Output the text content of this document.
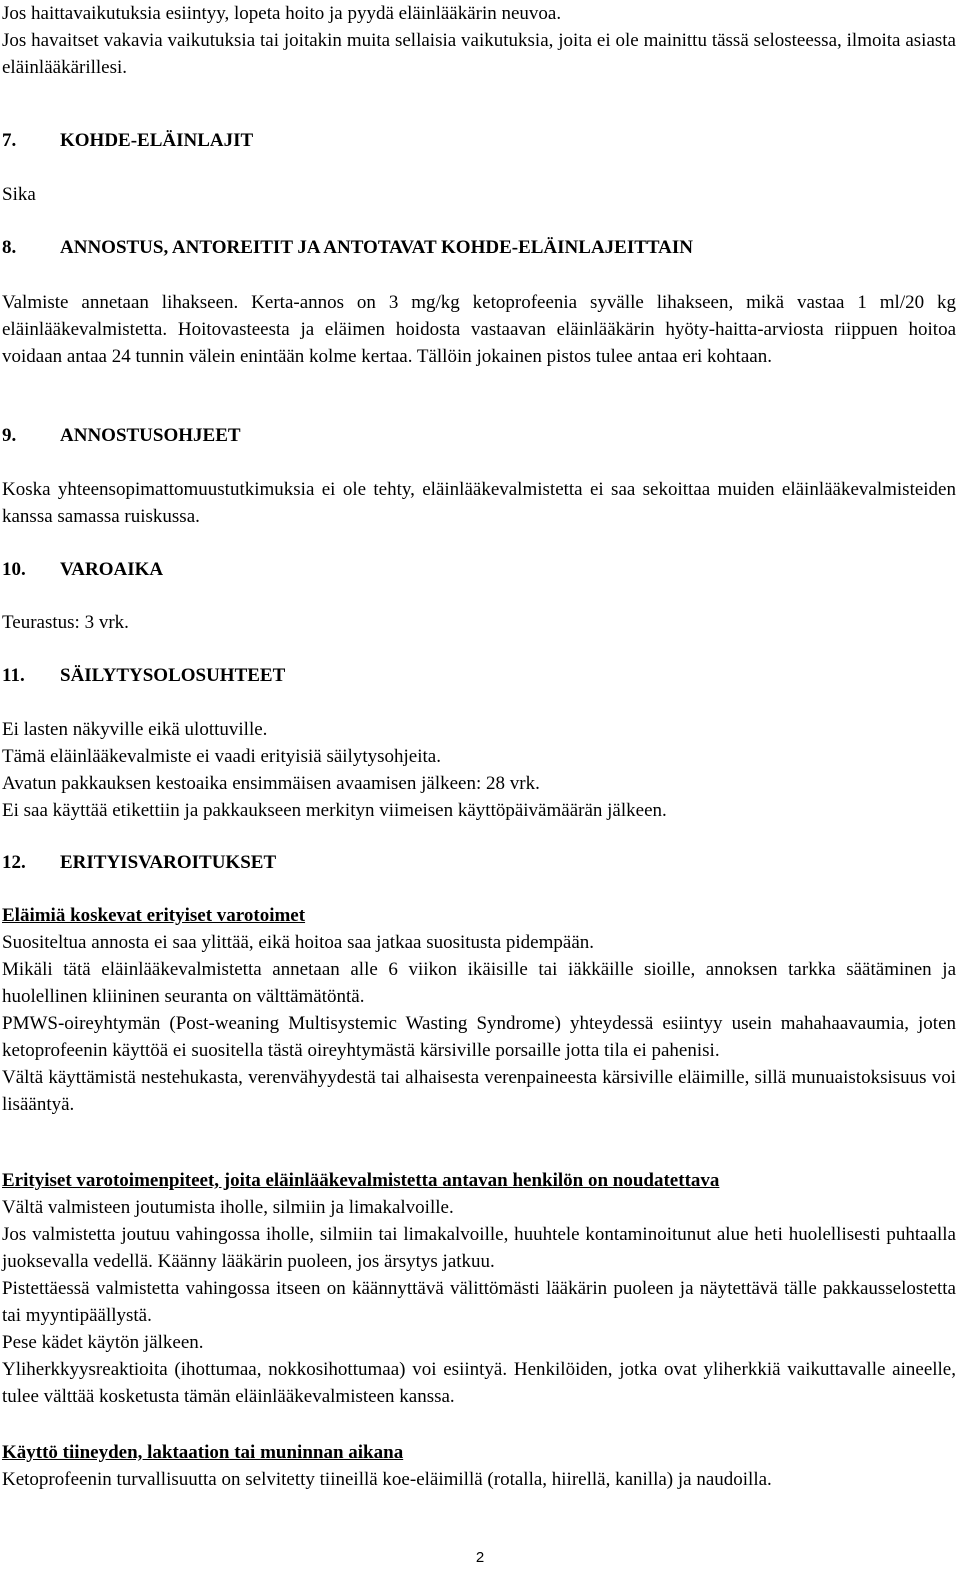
Jos haittavaikutuksia esiintyy, lopeta hoito ja pyydä eläinlääkärin neuvoa.

Jos havaitset vakavia vaikutuksia tai joitakin muita sellaisia vaikutuksia, joita ei ole mainittu tässä selosteessa, ilmoita asiasta eläinlääkärillesi.

7.	KOHDE-ELÄINLAJIT

Sika

8.	ANNOSTUS, ANTOREITIT JA ANTOTAVAT KOHDE-ELÄINLAJEITTAIN

Valmiste annetaan lihakseen. Kerta-annos on 3 mg/kg ketoprofeenia syvälle lihakseen, mikä vastaa 1 ml/20 kg eläinlääkevalmistetta. Hoitovasteesta ja eläimen hoidosta vastaavan eläinlääkärin hyöty-haitta-arviosta riippuen hoitoa voidaan antaa 24 tunnin välein enintään kolme kertaa. Tällöin jokainen pistos tulee antaa eri kohtaan.

9.	ANNOSTUSOHJEET

Koska yhteensopimattomuustutkimuksia ei ole tehty, eläinlääkevalmistetta ei saa sekoittaa muiden eläinlääkevalmisteiden kanssa samassa ruiskussa.

10.	VAROAIKA

Teurastus: 3 vrk.

11.	SÄILYTYSOLOSUHTEET

Ei lasten näkyville eikä ulottuville.

Tämä eläinlääkevalmiste ei vaadi erityisiä säilytysohjeita.

Avatun pakkauksen kestoaika ensimmäisen avaamisen jälkeen: 28 vrk.

Ei saa käyttää etikettiin ja pakkaukseen merkityn viimeisen käyttöpäivämäärän jälkeen.

12.	ERITYISVAROITUKSET

Eläimiä koskevat erityiset varotoimet

Suositeltua annosta ei saa ylittää, eikä hoitoa saa jatkaa suositusta pidempään.

Mikäli tätä eläinlääkevalmistetta annetaan alle 6 viikon ikäisille tai iäkkäille sioille, annoksen tarkka säätäminen ja huolellinen kliininen seuranta on välttämätöntä.

PMWS-oireyhtymän (Post-weaning Multisystemic Wasting Syndrome) yhteydessä esiintyy usein mahahaavaumia, joten ketoprofeenin käyttöä ei suositella tästä oireyhtymästä kärsiville porsaille jotta tila ei pahenisi.

Vältä käyttämistä nestehukasta, verenvähyydestä tai alhaisesta verenpaineesta kärsiville eläimille, sillä munuaistoksisuus voi lisääntyä.

Erityiset varotoimenpiteet, joita eläinlääkevalmistetta antavan henkilön on noudatettava

Vältä valmisteen joutumista iholle, silmiin ja limakalvoille.

Jos valmistetta joutuu vahingossa iholle, silmiin tai limakalvoille, huuhtele kontaminoitunut alue heti huolellisesti puhtaalla juoksevalla vedellä. Käänny lääkärin puoleen, jos ärsytys jatkuu.

Pistettäessä valmistetta vahingossa itseen on käännyttävä välittömästi lääkärin puoleen ja näytettävä tälle pakkausselostetta tai myyntipäällystä.

Pese kädet käytön jälkeen.

Yliherkkyysreaktioita (ihottumaa, nokkosihottumaa) voi esiintyä. Henkilöiden, jotka ovat yliherkkiä vaikuttavalle aineelle, tulee välttää kosketusta tämän eläinlääkevalmisteen kanssa.

Käyttö tiineyden, laktaation tai muninnan aikana

Ketoprofeenin turvallisuutta on selvitetty tiineillä koe-eläimillä (rotalla, hiirellä, kanilla) ja naudoilla.

2
